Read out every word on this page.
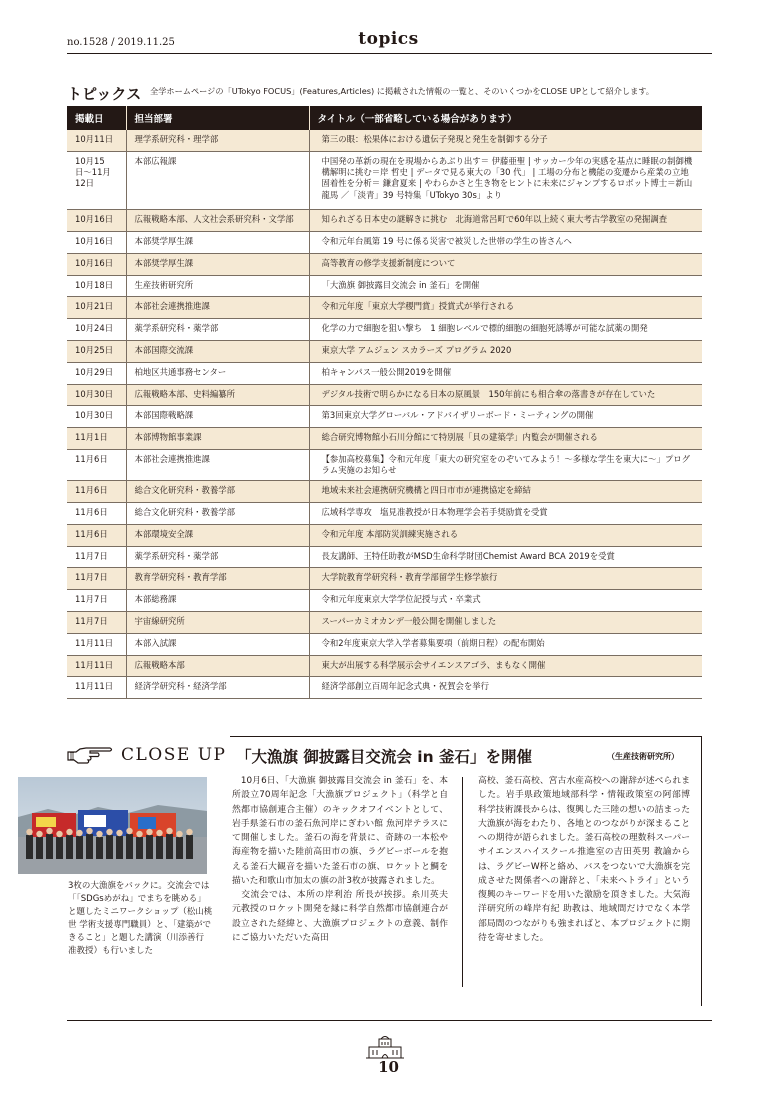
no.1528 / 2019.11.25	topics
トピックス 全学ホームページの「UTokyo FOCUS」(Features,Articles) に掲載された情報の一覧と、そのいくつかをCLOSE UPとして紹介します。
掲載日	担当部署	タイトル（一部省略している場合があります）
10月11日	理学系研究科・理学部	第三の眼：松果体における遺伝子発現と発生を制御する分子
10月15日〜11月12日	本部広報課	中国発の革新の現在を現場からあぶり出す＝ 伊藤亜聖 | サッカー少年の実感を基点に睡眠の制御機構解明に挑む＝岸 哲史 | データで見る東大の「30 代」 | 工場の分布と機能の変遷から産業の立地固着性を分析＝ 鎌倉夏来 | やわらかさと生き物をヒントに未来にジャンプするロボット博士＝新山龍馬 ／「淡青」39 号特集「UTokyo 30s」より
10月16日	広報戦略本部、人文社会系研究科・文学部	知られざる日本史の謎解きに挑む　北海道常呂町で60年以上続く東大考古学教室の発掘調査
10月16日	本部奨学厚生課	令和元年台風第 19 号に係る災害で被災した世帯の学生の皆さんへ
10月16日	本部奨学厚生課	高等教育の修学支援新制度について
10月18日	生産技術研究所	「大漁旗 御披露目交流会 in 釜石」を開催
10月21日	本部社会連携推進課	令和元年度「東京大学稷門賞」授賞式が挙行される
10月24日	薬学系研究科・薬学部	化学の力で細胞を狙い撃ち　1 細胞レベルで標的細胞の細胞死誘導が可能な試薬の開発
10月25日	本部国際交流課	東京大学 アムジェン スカラーズ プログラム 2020
10月29日	柏地区共通事務センター	柏キャンパス一般公開2019を開催
10月30日	広報戦略本部、史料編纂所	デジタル技術で明らかになる日本の原風景　150年前にも相合傘の落書きが存在していた
10月30日	本部国際戦略課	第3回東京大学グローバル・アドバイザリーボード・ミーティングの開催
11月1日	本部博物館事業課	総合研究博物館小石川分館にて特別展「貝の建築学」内覧会が開催される
11月6日	本部社会連携推進課	【参加高校募集】令和元年度「東大の研究室をのぞいてみよう！〜多様な学生を東大に〜」プログラム実施のお知らせ
11月6日	総合文化研究科・教養学部	地域未来社会連携研究機構と四日市市が連携協定を締結
11月6日	総合文化研究科・教養学部	広域科学専攻　塩見准教授が日本物理学会若手奨励賞を受賞
11月6日	本部環境安全課	令和元年度 本部防災訓練実施される
11月7日	薬学系研究科・薬学部	長友講師、王特任助教がMSD生命科学財団Chemist Award BCA 2019を受賞
11月7日	教育学研究科・教育学部	大学院教育学研究科・教育学部留学生修学旅行
11月7日	本部総務課	令和元年度東京大学学位記授与式・卒業式
11月7日	宇宙線研究所	スーパーカミオカンデ一般公開を開催しました
11月11日	本部入試課	令和2年度東京大学入学者募集要項（前期日程）の配布開始
11月11日	広報戦略本部	東大が出展する科学展示会サイエンスアゴラ、まもなく開催
11月11日	経済学研究科・経済学部	経済学部創立百周年記念式典・祝賀会を挙行
CLOSE UP 「大漁旗 御披露目交流会 in 釜石」を開催	（生産技術研究所）
3枚の大漁旗をバックに。交流会では「「SDGsめがね」でまちを眺める」と題したミニワークショップ（松山桃世 学術支援専門職員）と、「建築ができること」と題した講演（川添善行 准教授）も行いました
　10月6日、「大漁旗 御披露目交流会 in 釜石」を、本所設立70周年記念「大漁旗プロジェクト」（科学と自然都市協創連合主催）のキックオフイベントとして、岩手県釜石市の釜石魚河岸にぎわい館 魚河岸テラスにて開催しました。釜石の海を背景に、奇跡の一本松や海産物を描いた陸前高田市の旗、ラグビーボールを抱える釜石大観音を描いた釜石市の旗、ロケットと鯛を描いた和歌山市加太の旗の計3枚が披露されました。
　交流会では、本所の岸利治 所長が挨拶。糸川英夫 元教授のロケット開発を縁に科学自然都市協創連合が設立された経緯と、大漁旗プロジェクトの意義、制作にご協力いただいた高田
高校、釜石高校、宮古水産高校への謝辞が述べられました。岩手県政策地域部科学・情報政策室の阿部博 科学技術課長からは、復興した三陸の想いの詰まった大漁旗が海をわたり、各地とのつながりが深まることへの期待が語られました。釜石高校の理数科スーパーサイエンスハイスクール推進室の吉田英男 教諭からは、ラグビーW杯と絡め、バスをつないで大漁旗を完成させた関係者への謝辞と、「未来へトライ」という復興のキーワードを用いた激励を頂きました。大気海洋研究所の峰岸有紀 助教は、地域間だけでなく本学部局間のつながりも強まればと、本プロジェクトに期待を寄せました。
10
